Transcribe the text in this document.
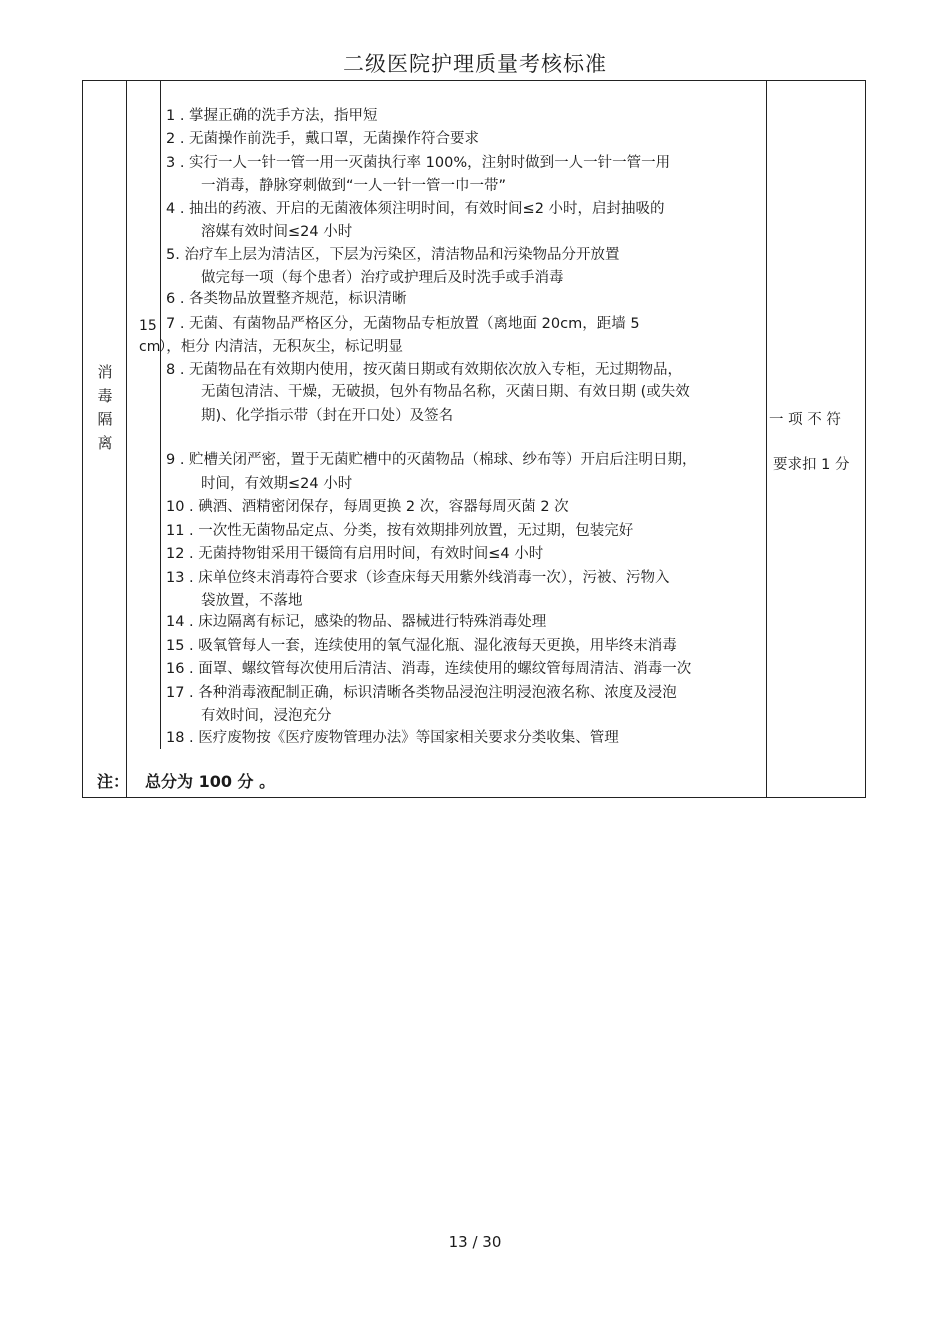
二级医院护理质量考核标准
消
毒
隔
离
15
cm
1 . 掌握正确的洗手方法，指甲短
2 . 无菌操作前洗手，戴口罩，无菌操作符合要求
3 . 实行一人一针一管一用一灭菌执行率 100%，注射时做到一人一针一管一用
一消毒，静脉穿刺做到“一人一针一管一巾一带”
4 . 抽出的药液、开启的无菌液体须注明时间，有效时间≤2 小时，启封抽吸的
溶媒有效时间≤24 小时
5. 治疗车上层为清洁区，下层为污染区，清洁物品和污染物品分开放置
做完每一项（每个患者）治疗或护理后及时洗手或手消毒
6 . 各类物品放置整齐规范，标识清晰
7 . 无菌、有菌物品严格区分，无菌物品专柜放置（离地面 20cm，距墙 5
），柜分 内清洁，无积灰尘，标记明显
8 . 无菌物品在有效期内使用，按灭菌日期或有效期依次放入专柜，无过期物品，
无菌包清洁、干燥，无破损，包外有物品名称，灭菌日期、有效日期 (或失效
期)、化学指示带（封在开口处）及签名
9 . 贮槽关闭严密，置于无菌贮槽中的灭菌物品（棉球、纱布等）开启后注明日期，
时间，有效期≤24 小时
10 . 碘酒、酒精密闭保存，每周更换 2 次，容器每周灭菌 2 次
11 . 一次性无菌物品定点、分类，按有效期排列放置，无过期，包装完好
12 . 无菌持物钳采用干镊筒有启用时间，有效时间≤4 小时
13 . 床单位终末消毒符合要求（诊查床每天用紫外线消毒一次），污被、污物入
袋放置，不落地
14 . 床边隔离有标记，感染的物品、器械进行特殊消毒处理
15 . 吸氧管每人一套，连续使用的氧气湿化瓶、湿化液每天更换，用毕终末消毒
16 . 面罩、螺纹管每次使用后清洁、消毒，连续使用的螺纹管每周清洁、消毒一次
17 . 各种消毒液配制正确，标识清晰各类物品浸泡注明浸泡液名称、浓度及浸泡
有效时间，浸泡充分
18 . 医疗废物按《医疗废物管理办法》等国家相关要求分类收集、管理
一 项 不 符
要求扣 1 分
注： 总分为 100 分 。
13 / 30
